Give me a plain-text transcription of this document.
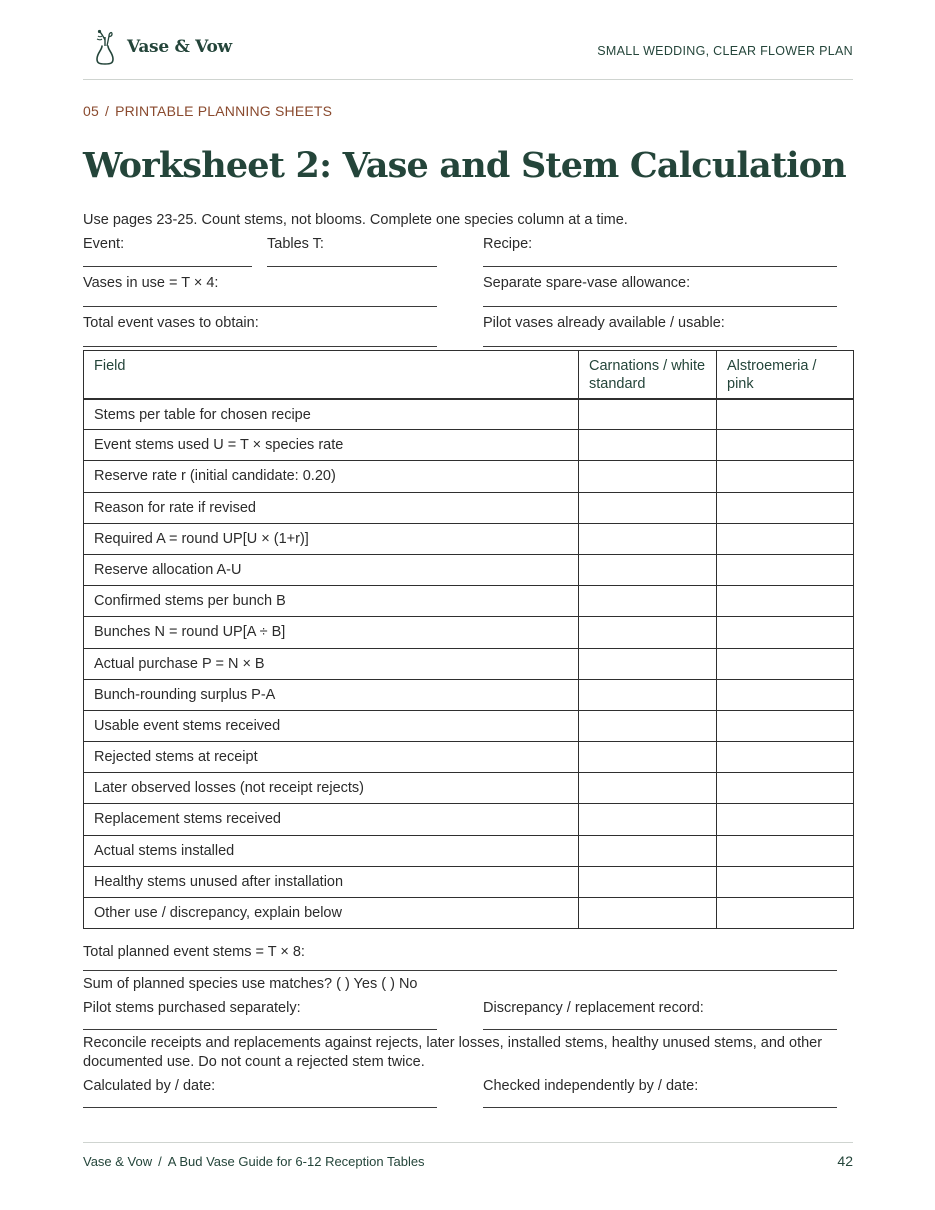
Vase & Vow	SMALL WEDDING, CLEAR FLOWER PLAN
05 / PRINTABLE PLANNING SHEETS
Worksheet 2: Vase and Stem Calculation
Use pages 23-25. Count stems, not blooms. Complete one species column at a time.
Event:	Tables T:	Recipe:
Vases in use = T × 4:	Separate spare-vase allowance:
Total event vases to obtain:	Pilot vases already available / usable:
Field	Carnations / white standard	Alstroemeria / pink
Stems per table for chosen recipe		
Event stems used U = T × species rate		
Reserve rate r (initial candidate: 0.20)		
Reason for rate if revised		
Required A = round UP[U × (1+r)]		
Reserve allocation A-U		
Confirmed stems per bunch B		
Bunches N = round UP[A ÷ B]		
Actual purchase P = N × B		
Bunch-rounding surplus P-A		
Usable event stems received		
Rejected stems at receipt		
Later observed losses (not receipt rejects)		
Replacement stems received		
Actual stems installed		
Healthy stems unused after installation		
Other use / discrepancy, explain below		
Total planned event stems = T × 8:
Sum of planned species use matches? ( ) Yes ( ) No
Pilot stems purchased separately:	Discrepancy / replacement record:
Reconcile receipts and replacements against rejects, later losses, installed stems, healthy unused stems, and other documented use. Do not count a rejected stem twice.
Calculated by / date:	Checked independently by / date:
Vase & Vow / A Bud Vase Guide for 6-12 Reception Tables	42
